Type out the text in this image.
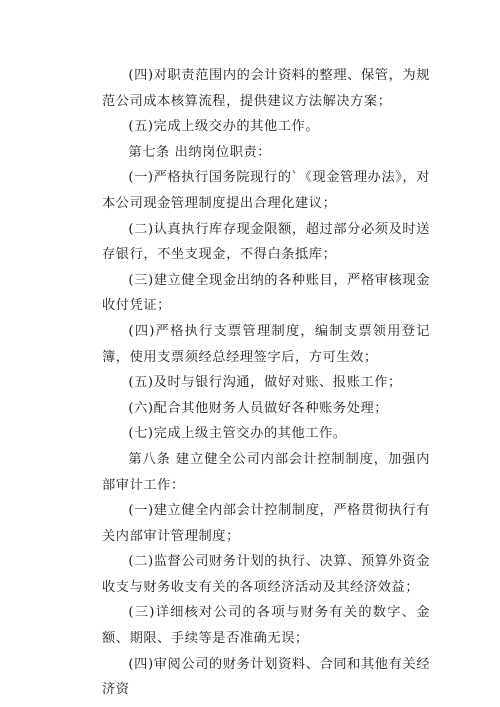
(四)对职责范围内的会计资料的整理、保管，为规范公司成本核算流程，提供建议方法解决方案；

(五)完成上级交办的其他工作。

第七条 出纳岗位职责：

(一)严格执行国务院现行的`《现金管理办法》，对本公司现金管理制度提出合理化建议；

(二)认真执行库存现金限额，超过部分必须及时送存银行，不坐支现金，不得白条抵库；

(三)建立健全现金出纳的各种账目，严格审核现金收付凭证；

(四)严格执行支票管理制度，编制支票领用登记簿，使用支票须经总经理签字后，方可生效；

(五)及时与银行沟通，做好对账、报账工作；

(六)配合其他财务人员做好各种账务处理；

(七)完成上级主管交办的其他工作。

第八条 建立健全公司内部会计控制制度，加强内部审计工作：

(一)建立健全内部会计控制制度，严格贯彻执行有关内部审计管理制度；

(二)监督公司财务计划的执行、决算、预算外资金收支与财务收支有关的各项经济活动及其经济效益；

(三)详细核对公司的各项与财务有关的数字、金额、期限、手续等是否准确无误；

(四)审阅公司的财务计划资料、合同和其他有关经济资
